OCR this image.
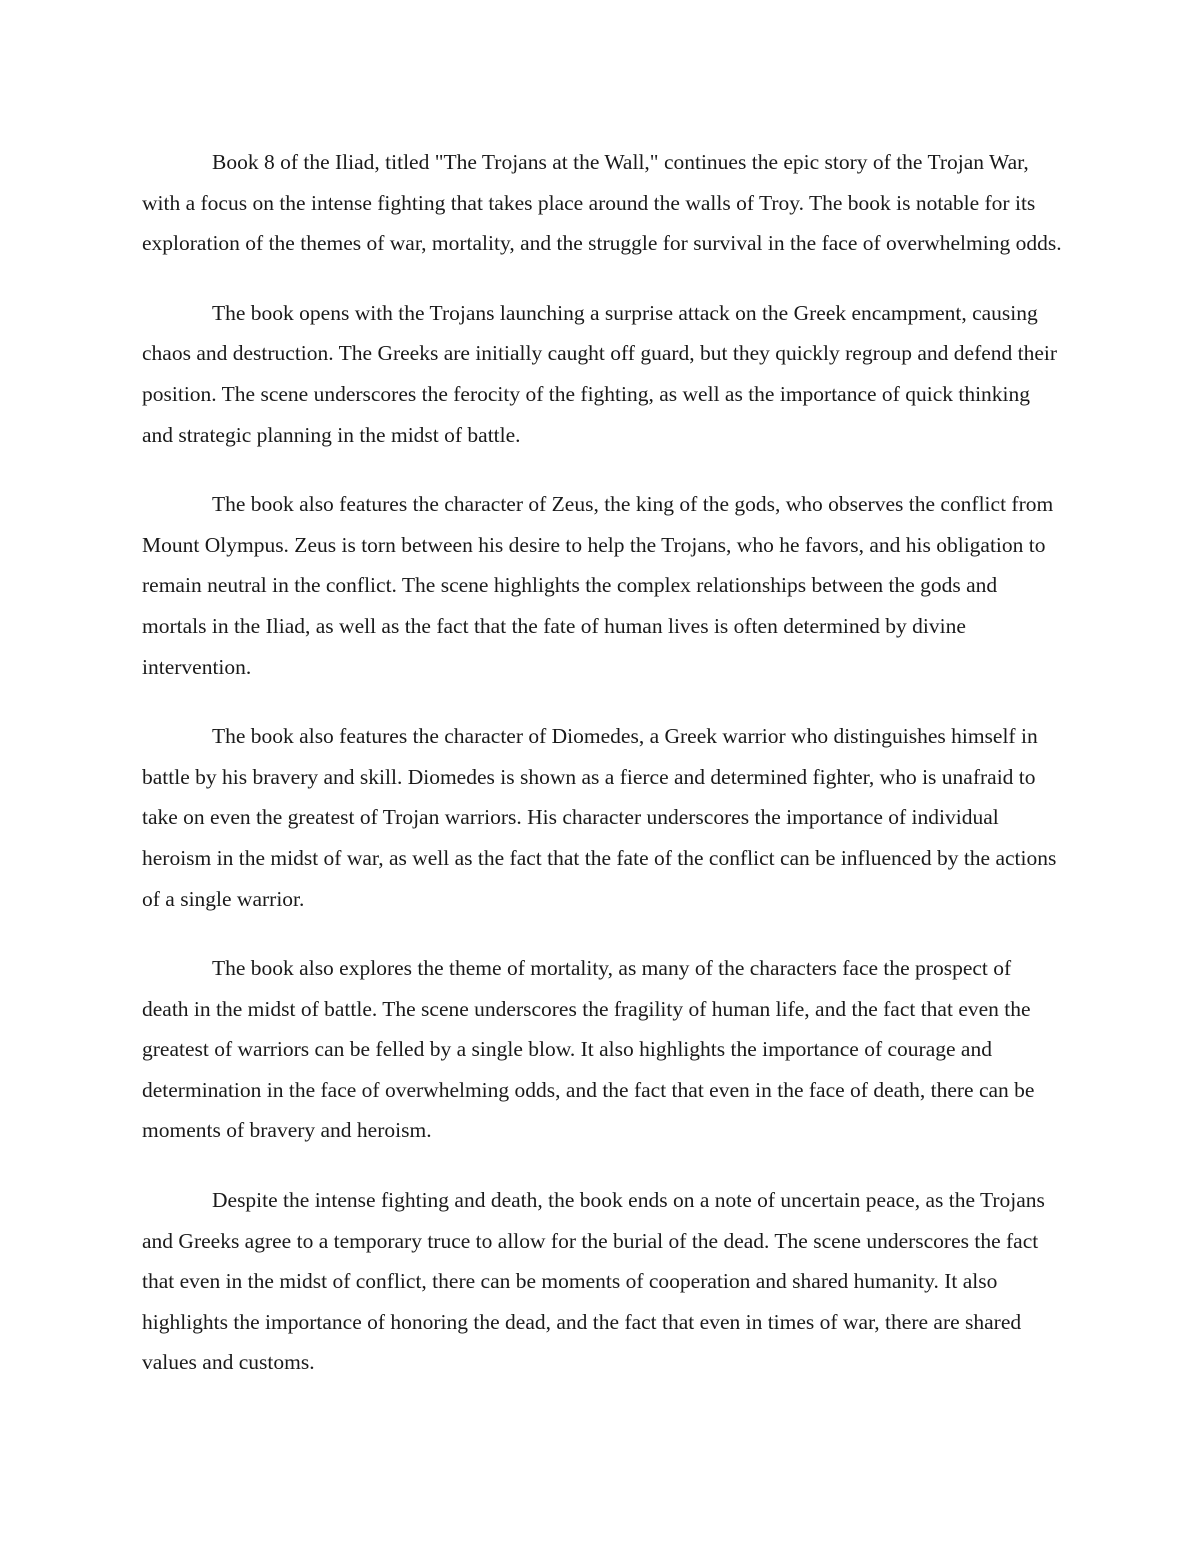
Book 8 of the Iliad, titled "The Trojans at the Wall," continues the epic story of the Trojan War, with a focus on the intense fighting that takes place around the walls of Troy. The book is notable for its exploration of the themes of war, mortality, and the struggle for survival in the face of overwhelming odds.

The book opens with the Trojans launching a surprise attack on the Greek encampment, causing chaos and destruction. The Greeks are initially caught off guard, but they quickly regroup and defend their position. The scene underscores the ferocity of the fighting, as well as the importance of quick thinking and strategic planning in the midst of battle.

The book also features the character of Zeus, the king of the gods, who observes the conflict from Mount Olympus. Zeus is torn between his desire to help the Trojans, who he favors, and his obligation to remain neutral in the conflict. The scene highlights the complex relationships between the gods and mortals in the Iliad, as well as the fact that the fate of human lives is often determined by divine intervention.

The book also features the character of Diomedes, a Greek warrior who distinguishes himself in battle by his bravery and skill. Diomedes is shown as a fierce and determined fighter, who is unafraid to take on even the greatest of Trojan warriors. His character underscores the importance of individual heroism in the midst of war, as well as the fact that the fate of the conflict can be influenced by the actions of a single warrior.

The book also explores the theme of mortality, as many of the characters face the prospect of death in the midst of battle. The scene underscores the fragility of human life, and the fact that even the greatest of warriors can be felled by a single blow. It also highlights the importance of courage and determination in the face of overwhelming odds, and the fact that even in the face of death, there can be moments of bravery and heroism.

Despite the intense fighting and death, the book ends on a note of uncertain peace, as the Trojans and Greeks agree to a temporary truce to allow for the burial of the dead. The scene underscores the fact that even in the midst of conflict, there can be moments of cooperation and shared humanity. It also highlights the importance of honoring the dead, and the fact that even in times of war, there are shared values and customs.
